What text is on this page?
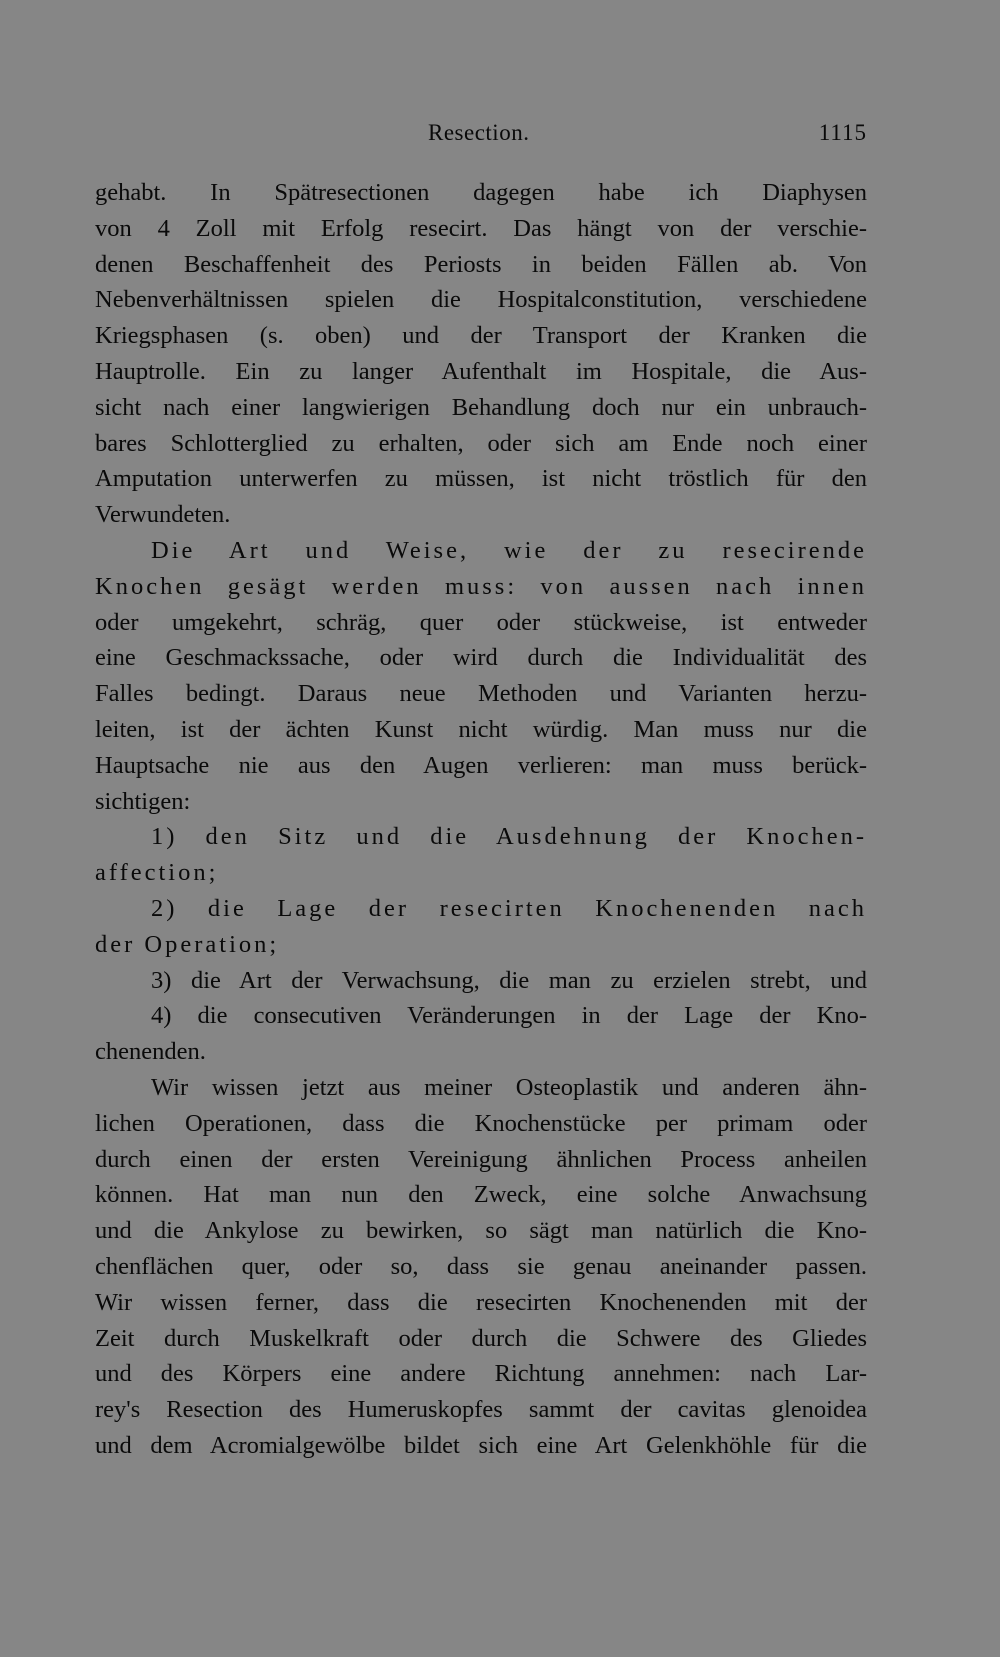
Resection.	1115
gehabt. In Spätresectionen dagegen habe ich Diaphysen
von 4 Zoll mit Erfolg resecirt. Das hängt von der verschie-
denen Beschaffenheit des Periosts in beiden Fällen ab. Von
Nebenverhältnissen spielen die Hospitalconstitution, verschiedene
Kriegsphasen (s. oben) und der Transport der Kranken die
Hauptrolle. Ein zu langer Aufenthalt im Hospitale, die Aus-
sicht nach einer langwierigen Behandlung doch nur ein unbrauch-
bares Schlotterglied zu erhalten, oder sich am Ende noch einer
Amputation unterwerfen zu müssen, ist nicht tröstlich für den
Verwundeten.
Die Art und Weise, wie der zu resecirende
Knochen gesägt werden muss: von aussen nach innen
oder umgekehrt, schräg, quer oder stückweise, ist entweder
eine Geschmackssache, oder wird durch die Individualität des
Falles bedingt. Daraus neue Methoden und Varianten herzu-
leiten, ist der ächten Kunst nicht würdig. Man muss nur die
Hauptsache nie aus den Augen verlieren: man muss berück-
sichtigen:
1) den Sitz und die Ausdehnung der Knochen-
affection;
2) die Lage der resecirten Knochenenden nach
der Operation;
3) die Art der Verwachsung, die man zu erzielen strebt, und
4) die consecutiven Veränderungen in der Lage der Kno-
chenenden.
Wir wissen jetzt aus meiner Osteoplastik und anderen ähn-
lichen Operationen, dass die Knochenstücke per primam oder
durch einen der ersten Vereinigung ähnlichen Process anheilen
können. Hat man nun den Zweck, eine solche Anwachsung
und die Ankylose zu bewirken, so sägt man natürlich die Kno-
chenflächen quer, oder so, dass sie genau aneinander passen.
Wir wissen ferner, dass die resecirten Knochenenden mit der
Zeit durch Muskelkraft oder durch die Schwere des Gliedes
und des Körpers eine andere Richtung annehmen: nach Lar-
rey's Resection des Humeruskopfes sammt der cavitas glenoidea
und dem Acromialgewölbe bildet sich eine Art Gelenkhöhle für die
